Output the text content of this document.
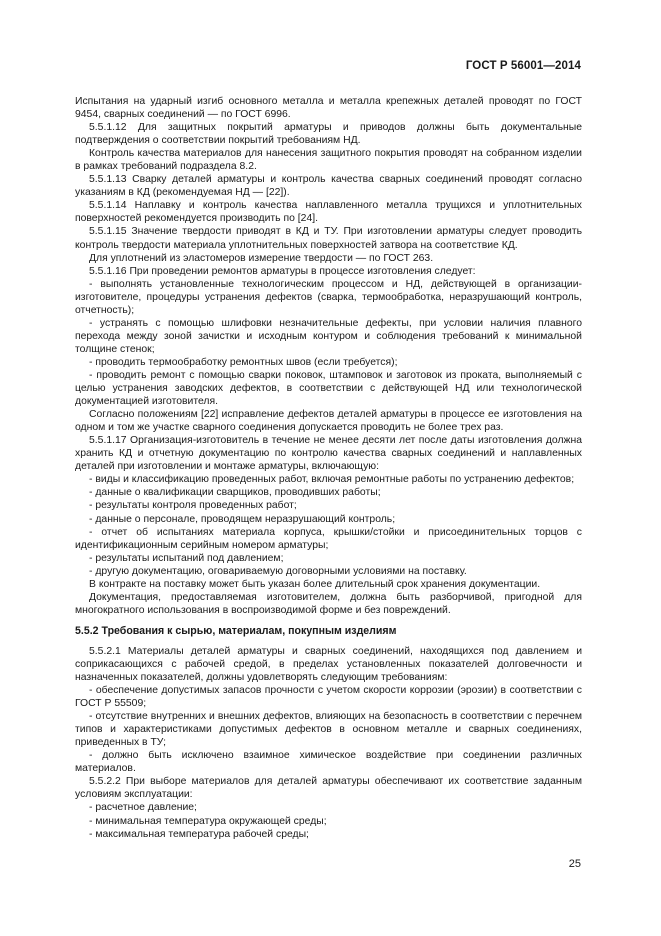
ГОСТ Р 56001—2014

Испытания на ударный изгиб основного металла и металла крепежных деталей проводят по ГОСТ 9454, сварных соединений — по ГОСТ 6996.

5.5.1.12 Для защитных покрытий арматуры и приводов должны быть документальные подтверждения о соответствии покрытий требованиям НД.

Контроль качества материалов для нанесения защитного покрытия проводят на собранном изделии в рамках требований подраздела 8.2.

5.5.1.13 Сварку деталей арматуры и контроль качества сварных соединений проводят согласно указаниям в КД (рекомендуемая НД — [22]).

5.5.1.14 Наплавку и контроль качества наплавленного металла трущихся и уплотнительных поверхностей рекомендуется производить по [24].

5.5.1.15 Значение твердости приводят в КД и ТУ. При изготовлении арматуры следует проводить контроль твердости материала уплотнительных поверхностей затвора на соответствие КД.

Для уплотнений из эластомеров измерение твердости — по ГОСТ 263.

5.5.1.16 При проведении ремонтов арматуры в процессе изготовления следует:

- выполнять установленные технологическим процессом и НД, действующей в организации-изготовителе, процедуры устранения дефектов (сварка, термообработка, неразрушающий контроль, отчетность);

- устранять с помощью шлифовки незначительные дефекты, при условии наличия плавного перехода между зоной зачистки и исходным контуром и соблюдения требований к минимальной толщине стенок;

- проводить термообработку ремонтных швов (если требуется);

- проводить ремонт с помощью сварки поковок, штамповок и заготовок из проката, выполняемый с целью устранения заводских дефектов, в соответствии с действующей НД или технологической документацией изготовителя.

Согласно положениям [22] исправление дефектов деталей арматуры в процессе ее изготовления на одном и том же участке сварного соединения допускается проводить не более трех раз.

5.5.1.17 Организация-изготовитель в течение не менее десяти лет после даты изготовления должна хранить КД и отчетную документацию по контролю качества сварных соединений и наплавленных деталей при изготовлении и монтаже арматуры, включающую:

- виды и классификацию проведенных работ, включая ремонтные работы по устранению дефектов;

- данные о квалификации сварщиков, проводивших работы;

- результаты контроля проведенных работ;

- данные о персонале, проводящем неразрушающий контроль;

- отчет об испытаниях материала корпуса, крышки/стойки и присоединительных торцов с идентификационным серийным номером арматуры;

- результаты испытаний под давлением;

- другую документацию, оговариваемую договорными условиями на поставку.

В контракте на поставку может быть указан более длительный срок хранения документации.

Документация, предоставляемая изготовителем, должна быть разборчивой, пригодной для многократного использования в воспроизводимой форме и без повреждений.

5.5.2 Требования к сырью, материалам, покупным изделиям

5.5.2.1 Материалы деталей арматуры и сварных соединений, находящихся под давлением и соприкасающихся с рабочей средой, в пределах установленных показателей долговечности и назначенных показателей, должны удовлетворять следующим требованиям:

- обеспечение допустимых запасов прочности с учетом скорости коррозии (эрозии) в соответствии с ГОСТ Р 55509;

- отсутствие внутренних и внешних дефектов, влияющих на безопасность в соответствии с перечнем типов и характеристиками допустимых дефектов в основном металле и сварных соединениях, приведенных в ТУ;

- должно быть исключено взаимное химическое воздействие при соединении различных материалов.

5.5.2.2 При выборе материалов для деталей арматуры обеспечивают их соответствие заданным условиям эксплуатации:

- расчетное давление;

- минимальная температура окружающей среды;

- максимальная температура рабочей среды;

25
